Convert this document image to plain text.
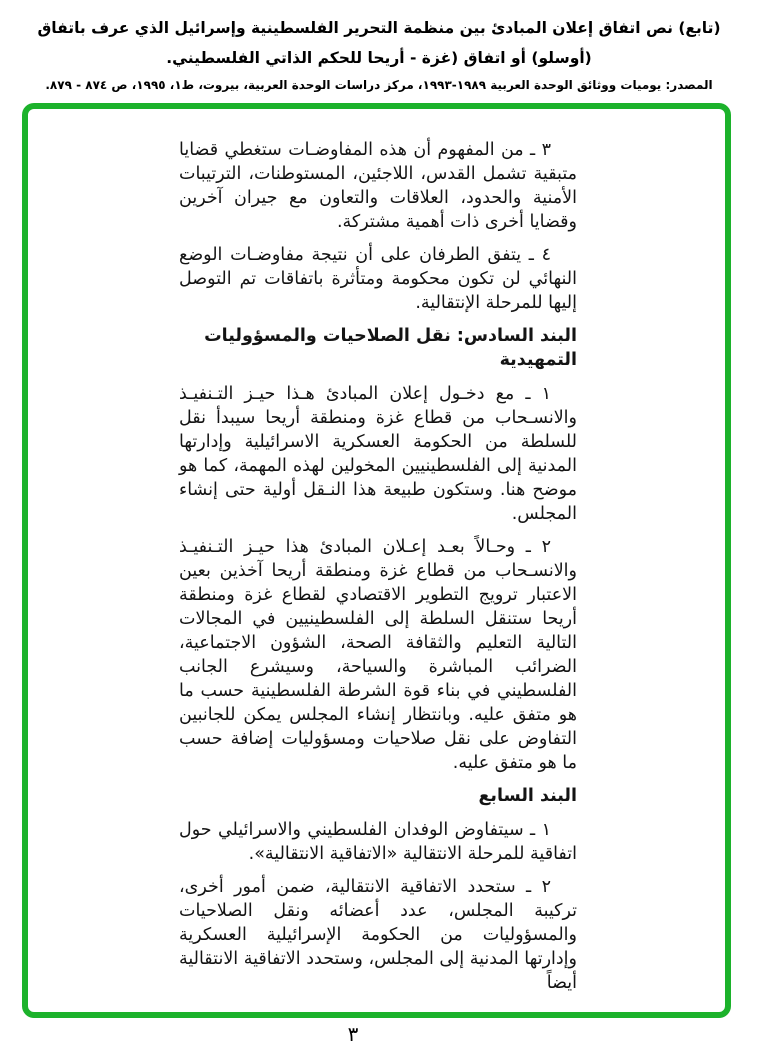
(تابع) نص اتفاق إعلان المبادئ بين منظمة التحرير الفلسطينية وإسرائيل الذي عرف باتفاق (أوسلو) أو اتفاق (غزة - أريحا للحكم الذاتي الفلسطيني.
المصدر: يوميات ووثائق الوحدة العربية ١٩٨٩-١٩٩٣، مركز دراسات الوحدة العربية، بيروت، ط١، ١٩٩٥، ص ٨٧٤ - ٨٧٩.

٣ ـ من المفهوم أن هذه المفاوضـات ستغطي قضايا متبقية تشمل القدس، اللاجئين، المستوطنات، الترتيبات الأمنية والحدود، العلاقات والتعاون مع جيران آخرين وقضايا أخرى ذات أهمية مشتركة.

٤ ـ يتفق الطرفان على أن نتيجة مفاوضـات الوضع النهائي لن تكون محكومة ومتأثرة باتفاقات تم التوصل إليها للمرحلة الإنتقالية.

البند السادس: نقل الصلاحيات والمسؤوليات التمهيدية

١ ـ مع دخـول إعلان المبادئ هـذا حيـز التـنفيـذ والانسـحاب من قطاع غزة ومنطقة أريحا سيبدأ نقل للسلطة من الحكومة العسكرية الاسرائيلية وإدارتها المدنية إلى الفلسطينيين المخولين لهذه المهمة، كما هو موضح هنا. وستكون طبيعة هذا النـقل أولية حتى إنشاء المجلس.

٢ ـ وحـالاً بعـد إعـلان المبادئ هذا حيـز التـنفيـذ والانسـحاب من قطاع غزة ومنطقة أريحا آخذين بعين الاعتبار ترويج التطوير الاقتصادي لقطاع غزة ومنطقة أريحا ستنقل السلطة إلى الفلسطينيين في المجالات التالية التعليم والثقافة الصحة، الشؤون الاجتماعية، الضرائب المباشرة والسياحة، وسيشرع الجانب الفلسطيني في بناء قوة الشرطة الفلسطينية حسب ما هو متفق عليه. وبانتظار إنشاء المجلس يمكن للجانبين التفاوض على نقل صلاحيات ومسؤوليات إضافة حسب ما هو متفق عليه.

البند السابع

١ ـ سيتفاوض الوفدان الفلسطيني والاسرائيلي حول اتفاقية للمرحلة الانتقالية «الاتفاقية الانتقالية».

٢ ـ ستحدد الاتفاقية الانتقالية، ضمن أمور أخرى، تركيبة المجلس، عدد أعضائه ونقل الصلاحيات والمسؤوليات من الحكومة الإسرائيلية العسكرية وإدارتها المدنية إلى المجلس، وستحدد الاتفاقية الانتقالية أيضاً

٣
